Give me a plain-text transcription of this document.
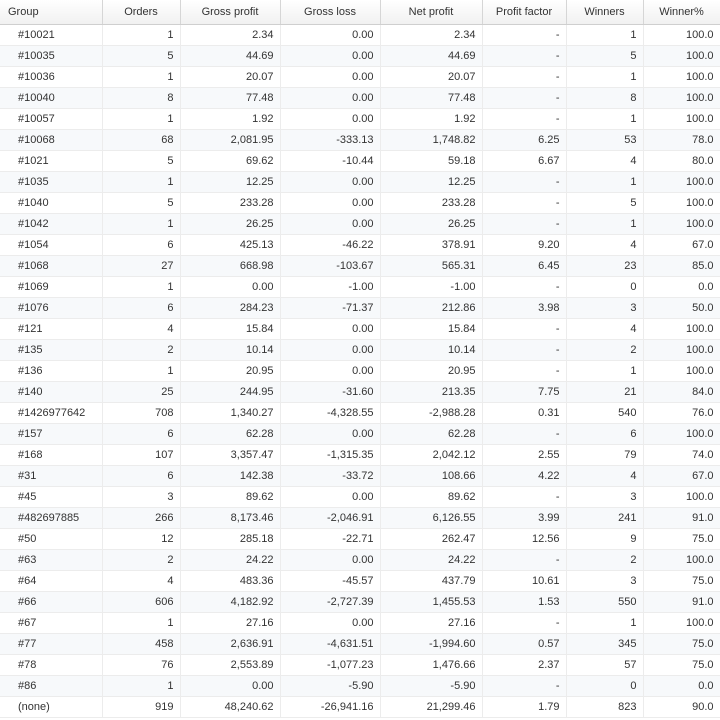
Group	Orders	Gross profit	Gross loss	Net profit	Profit factor	Winners	Winner%
#10021	1	2.34	0.00	2.34	-	1	100.0
#10035	5	44.69	0.00	44.69	-	5	100.0
#10036	1	20.07	0.00	20.07	-	1	100.0
#10040	8	77.48	0.00	77.48	-	8	100.0
#10057	1	1.92	0.00	1.92	-	1	100.0
#10068	68	2,081.95	-333.13	1,748.82	6.25	53	78.0
#1021	5	69.62	-10.44	59.18	6.67	4	80.0
#1035	1	12.25	0.00	12.25	-	1	100.0
#1040	5	233.28	0.00	233.28	-	5	100.0
#1042	1	26.25	0.00	26.25	-	1	100.0
#1054	6	425.13	-46.22	378.91	9.20	4	67.0
#1068	27	668.98	-103.67	565.31	6.45	23	85.0
#1069	1	0.00	-1.00	-1.00	-	0	0.0
#1076	6	284.23	-71.37	212.86	3.98	3	50.0
#121	4	15.84	0.00	15.84	-	4	100.0
#135	2	10.14	0.00	10.14	-	2	100.0
#136	1	20.95	0.00	20.95	-	1	100.0
#140	25	244.95	-31.60	213.35	7.75	21	84.0
#1426977642	708	1,340.27	-4,328.55	-2,988.28	0.31	540	76.0
#157	6	62.28	0.00	62.28	-	6	100.0
#168	107	3,357.47	-1,315.35	2,042.12	2.55	79	74.0
#31	6	142.38	-33.72	108.66	4.22	4	67.0
#45	3	89.62	0.00	89.62	-	3	100.0
#482697885	266	8,173.46	-2,046.91	6,126.55	3.99	241	91.0
#50	12	285.18	-22.71	262.47	12.56	9	75.0
#63	2	24.22	0.00	24.22	-	2	100.0
#64	4	483.36	-45.57	437.79	10.61	3	75.0
#66	606	4,182.92	-2,727.39	1,455.53	1.53	550	91.0
#67	1	27.16	0.00	27.16	-	1	100.0
#77	458	2,636.91	-4,631.51	-1,994.60	0.57	345	75.0
#78	76	2,553.89	-1,077.23	1,476.66	2.37	57	75.0
#86	1	0.00	-5.90	-5.90	-	0	0.0
(none)	919	48,240.62	-26,941.16	21,299.46	1.79	823	90.0
